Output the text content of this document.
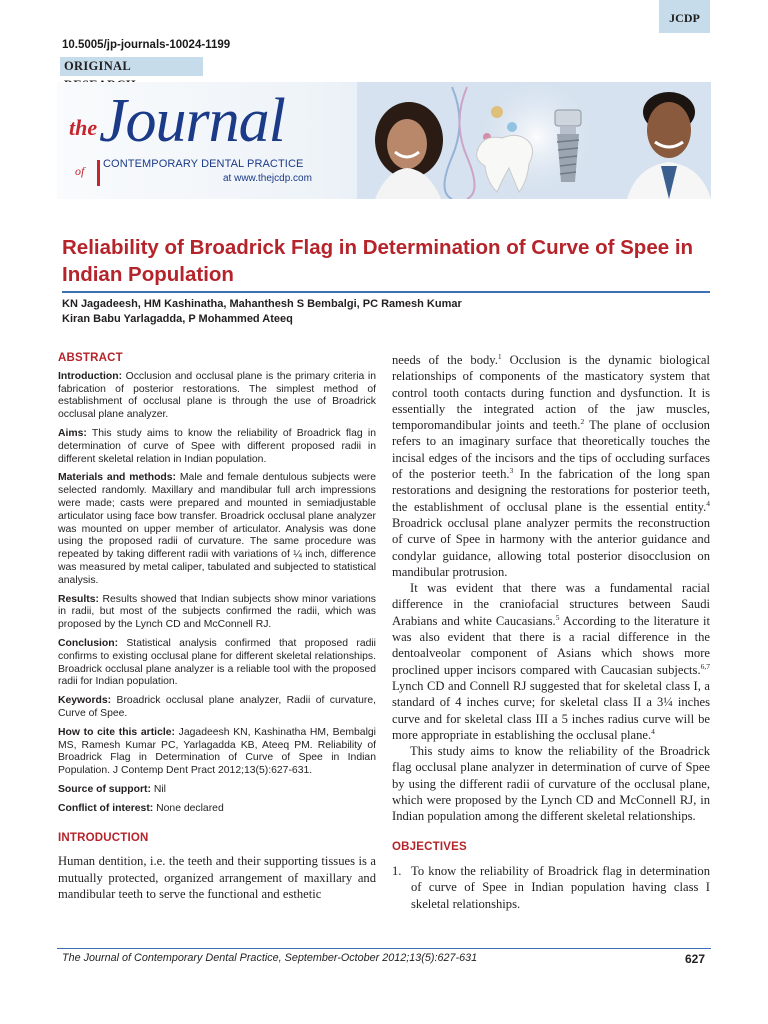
JCDP
10.5005/jp-journals-10024-1199
ORIGINAL
the Journal
of CONTEMPORARY DENTAL PRACTICE
at www.thejcdp.com
Reliability of Broadrick Flag in Determination of Curve of Spee in Indian Population
KN Jagadeesh, HM Kashinatha, Mahanthesh S Bembalgi, PC Ramesh Kumar
Kiran Babu Yarlagadda, P Mohammed Ateeq
ABSTRACT

Introduction: Occlusion and occlusal plane is the primary criteria in fabrication of posterior restorations. The simplest method of establishment of occlusal plane is through the use of Broadrick occlusal plane analyzer.

Aims: This study aims to know the reliability of Broadrick flag in determination of curve of Spee with different proposed radii in different skeletal relation in Indian population.

Materials and methods: Male and female dentulous subjects were selected randomly. Maxillary and mandibular full arch impressions were made; casts were prepared and mounted in semiadjustable articulator using face bow transfer. Broadrick occlusal plane analyzer was mounted on upper member of articulator. Analysis was done using the proposed radii of curvature. The same procedure was repeated by taking different radii with variations of ¼ inch, difference was measured by metal caliper, tabulated and subjected to statistical analysis.

Results: Results showed that Indian subjects show minor variations in radii, but most of the subjects confirmed the radii, which was proposed by the Lynch CD and McConnell RJ.

Conclusion: Statistical analysis confirmed that proposed radii confirms to existing occlusal plane for different skeletal relationships. Broadrick occlusal plane analyzer is a reliable tool with the proposed radii for Indian population.

Keywords: Broadrick occlusal plane analyzer, Radii of curvature, Curve of Spee.

How to cite this article: Jagadeesh KN, Kashinatha HM, Bembalgi MS, Ramesh Kumar PC, Yarlagadda KB, Ateeq PM. Reliability of Broadrick Flag in Determination of Curve of Spee in Indian Population. J Contemp Dent Pract 2012;13(5):627-631.

Source of support: Nil

Conflict of interest: None declared

INTRODUCTION

Human dentition, i.e. the teeth and their supporting tissues is a mutually protected, organized arrangement of maxillary and mandibular teeth to serve the functional and esthetic

needs of the body.$^1$ Occlusion is the dynamic biological relationships of components of the masticatory system that control tooth contacts during function and dysfunction. It is essentially the integrated action of the jaw muscles, temporomandibular joints and teeth.$^2$ The plane of occlusion refers to an imaginary surface that theoretically touches the incisal edges of the incisors and the tips of occluding surfaces of the posterior teeth.$^3$ In the fabrication of the long span restorations and designing the restorations for posterior teeth, the establishment of occlusal plane is the essential entity.$^4$ Broadrick occlusal plane analyzer permits the reconstruction of curve of Spee in harmony with the anterior guidance and condylar guidance, allowing total posterior disocclusion on mandibular protrusion.

It was evident that there was a fundamental racial difference in the craniofacial structures between Saudi Arabians and white Caucasians.$^5$ According to the literature it was also evident that there is a racial difference in the dentoalveolar component of Asians which shows more proclined upper incisors compared with Caucasian subjects.$^{6,7}$ Lynch CD and Connell RJ suggested that for skeletal class I, a standard of 4 inches curve; for skeletal class II a 3¼ inches curve and for skeletal class III a 5 inches radius curve will be more appropriate in establishing the occlusal plane.$^4$

This study aims to know the reliability of the Broadrick flag occlusal plane analyzer in determination of curve of Spee by using the different radii of curvature of the occlusal plane, which were proposed by the Lynch CD and McConnell RJ, in Indian population among the different skeletal relationships.

OBJECTIVES
1. To know the reliability of Broadrick flag in determination of curve of Spee in Indian population having class I skeletal relationships.
The Journal of Contemporary Dental Practice, September-October 2012;13(5):627-631	627
